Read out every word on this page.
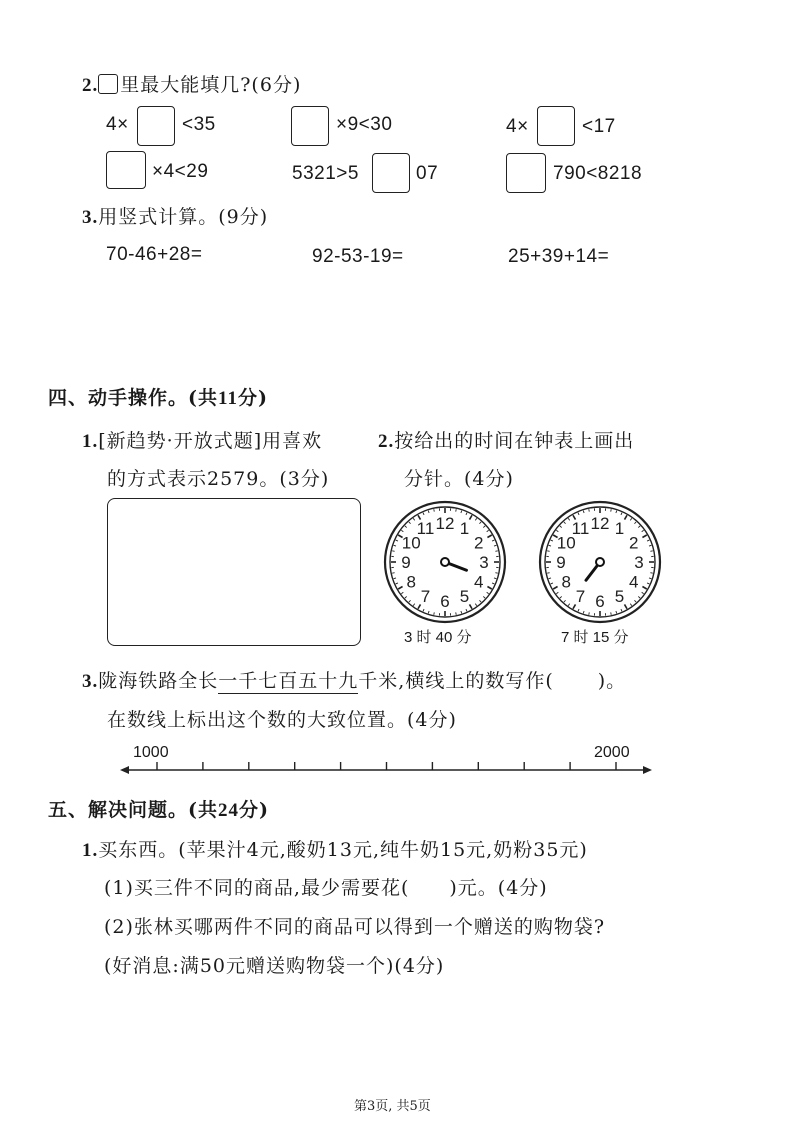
2. 里最大能填几?(6分)
4×	<35	×9<30	4×	<17
×4<29	5321>5	07	790<8218
3.用竖式计算。(9分)
70-46+28=	92-53-19=	25+39+14=
四、动手操作。(共11分)
1.[新趋势·开放式题]用喜欢
的方式表示2579。(3分)
2.按给出的时间在钟表上画出
分针。(4分)
12 1
2
3
4
5
6
7
8
9
10
11	12 1
2
3
4
5
6
7
8
9
10
11
3 时 40 分	7 时 15 分
3.陇海铁路全长一千七百五十九千米,横线上的数写作( )。
在数线上标出这个数的大致位置。(4分)
1000	2000
五、解决问题。(共24分)
1.买东西。(苹果汁4元,酸奶13元,纯牛奶15元,奶粉35元)
(1)买三件不同的商品,最少需要花( )元。(4分)
(2)张林买哪两件不同的商品可以得到一个赠送的购物袋?
(好消息:满50元赠送购物袋一个)(4分)
第3页, 共5页
